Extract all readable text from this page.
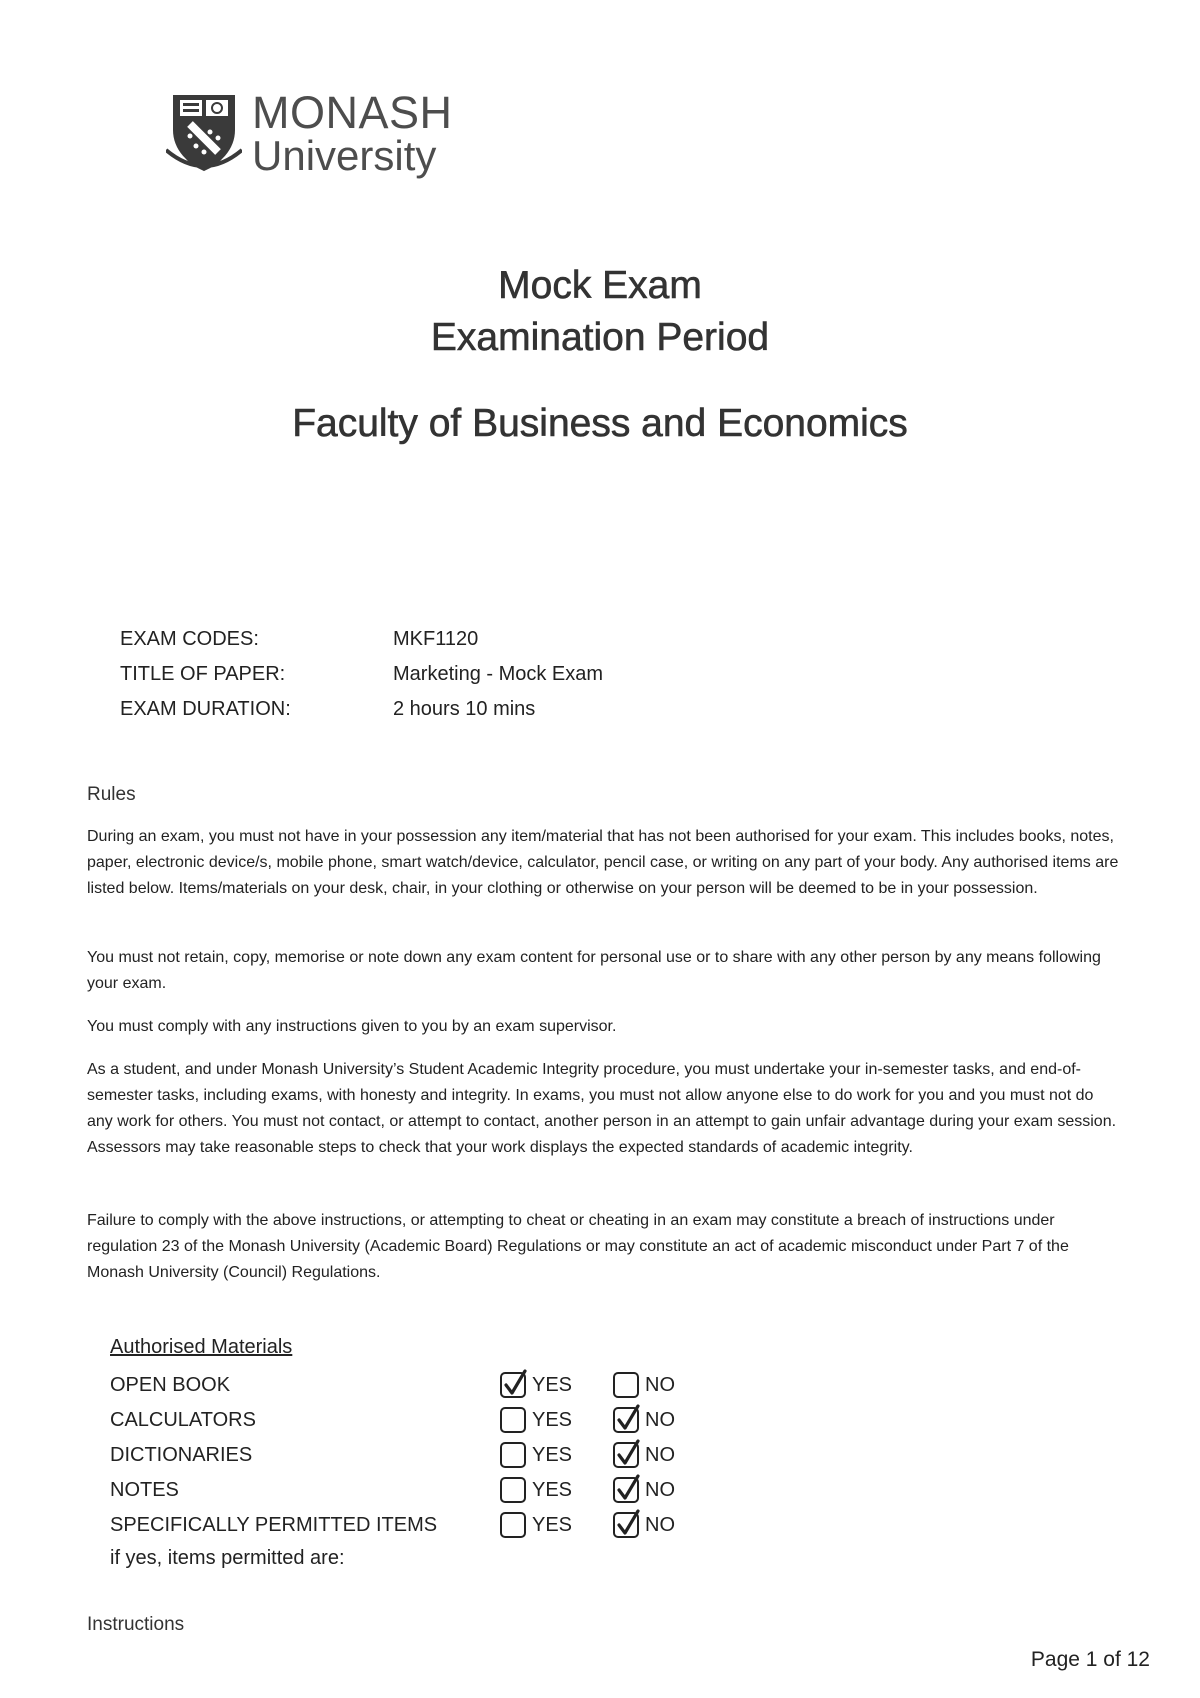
MONASH
University
Mock Exam
Examination Period
Faculty of Business and Economics
EXAM CODES:	MKF1120
TITLE OF PAPER:	Marketing - Mock Exam
EXAM DURATION:	2 hours 10 mins
Rules
During an exam, you must not have in your possession any item/material that has not been authorised for your exam. This includes books, notes, paper, electronic device/s, mobile phone, smart watch/device, calculator, pencil case, or writing on any part of your body. Any authorised items are listed below. Items/materials on your desk, chair, in your clothing or otherwise on your person will be deemed to be in your possession.
You must not retain, copy, memorise or note down any exam content for personal use or to share with any other person by any means following your exam.
You must comply with any instructions given to you by an exam supervisor.
As a student, and under Monash University’s Student Academic Integrity procedure, you must undertake your in-semester tasks, and end-of-semester tasks, including exams, with honesty and integrity. In exams, you must not allow anyone else to do work for you and you must not do any work for others. You must not contact, or attempt to contact, another person in an attempt to gain unfair advantage during your exam session. Assessors may take reasonable steps to check that your work displays the expected standards of academic integrity.
Failure to comply with the above instructions, or attempting to cheat or cheating in an exam may constitute a breach of instructions under regulation 23 of the Monash University (Academic Board) Regulations or may constitute an act of academic misconduct under Part 7 of the Monash University (Council) Regulations.
Authorised Materials
OPEN BOOK	YES	NO
CALCULATORS	YES	NO
DICTIONARIES	YES	NO
NOTES	YES	NO
SPECIFICALLY PERMITTED ITEMS	YES	NO
if yes, items permitted are:
Instructions
Page 1 of 12
